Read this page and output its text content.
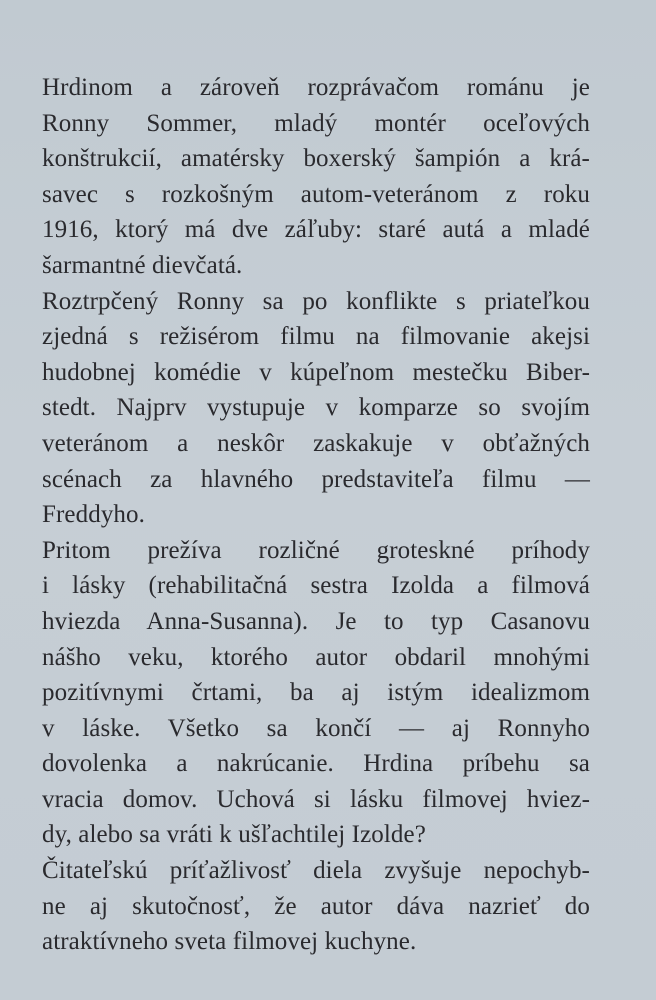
Hrdinom a zároveň rozprávačom románu je
Ronny Sommer, mladý montér oceľových
konštrukcií, amatérsky boxerský šampión a krá-
savec s rozkošným autom-veteránom z roku
1916, ktorý má dve záľuby: staré autá a mladé
šarmantné dievčatá.
Roztrpčený Ronny sa po konflikte s priateľkou
zjedná s režisérom filmu na filmovanie akejsi
hudobnej komédie v kúpeľnom mestečku Biber-
stedt. Najprv vystupuje v komparze so svojím
veteránom a neskôr zaskakuje v obťažných
scénach za hlavného predstaviteľa filmu —
Freddyho.
Pritom prežíva rozličné groteskné príhody
i lásky (rehabilitačná sestra Izolda a filmová
hviezda Anna-Susanna). Je to typ Casanovu
nášho veku, ktorého autor obdaril mnohými
pozitívnymi črtami, ba aj istým idealizmom
v láske. Všetko sa končí — aj Ronnyho
dovolenka a nakrúcanie. Hrdina príbehu sa
vracia domov. Uchová si lásku filmovej hviez-
dy, alebo sa vráti k ušľachtilej Izolde?
Čitateľskú príťažlivosť diela zvyšuje nepochyb-
ne aj skutočnosť, že autor dáva nazrieť do
atraktívneho sveta filmovej kuchyne.
